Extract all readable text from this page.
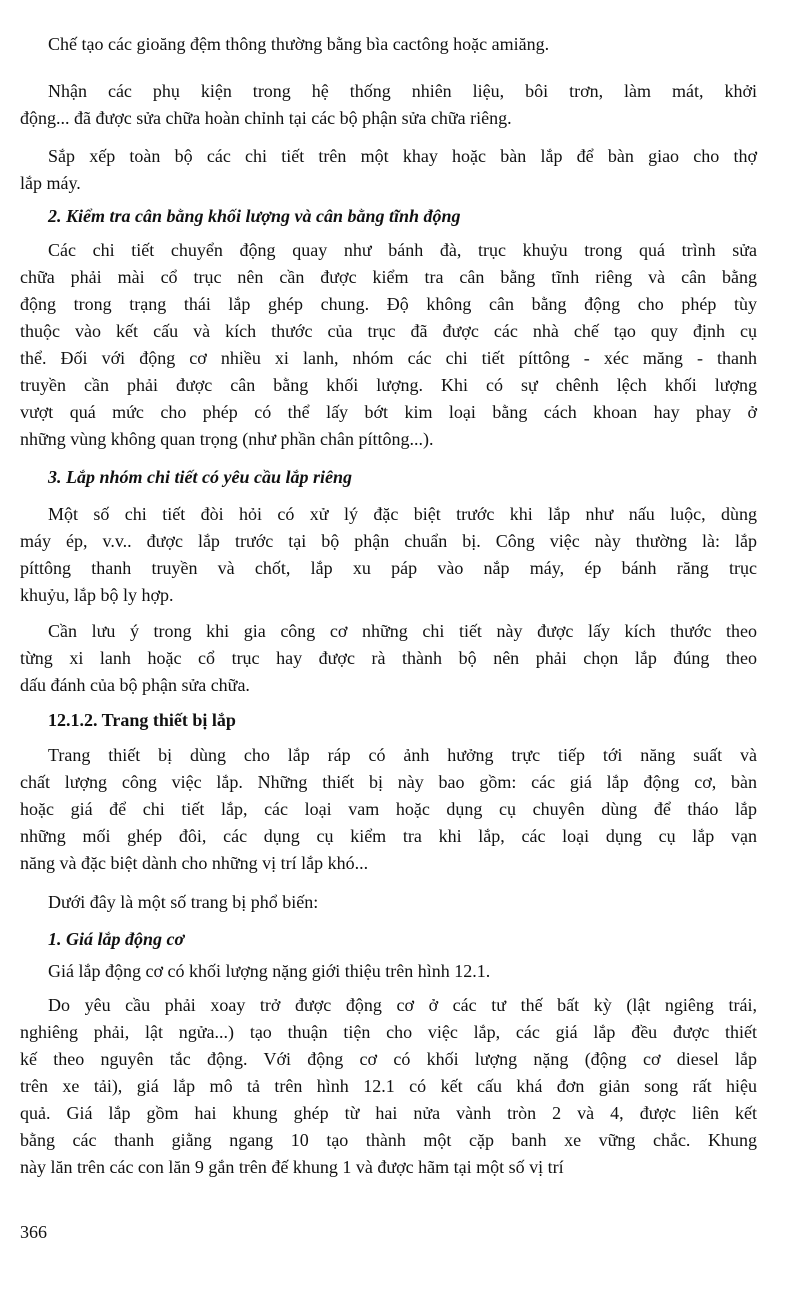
Chế tạo các gioăng đệm thông thường bằng bìa cactông hoặc amiăng.
Nhận các phụ kiện trong hệ thống nhiên liệu, bôi trơn, làm mát, khởi
động... đã được sửa chữa hoàn chỉnh tại các bộ phận sửa chữa riêng.
Sắp xếp toàn bộ các chi tiết trên một khay hoặc bàn lắp để bàn giao cho thợ
lắp máy.
2. Kiểm tra cân bằng khối lượng và cân bằng tĩnh động
Các chi tiết chuyển động quay như bánh đà, trục khuỷu trong quá trình sửa
chữa phải mài cổ trục nên cần được kiểm tra cân bằng tĩnh riêng và cân bằng
động trong trạng thái lắp ghép chung. Độ không cân bằng động cho phép tùy
thuộc vào kết cấu và kích thước của trục đã được các nhà chế tạo quy định cụ
thể. Đối với động cơ nhiều xi lanh, nhóm các chi tiết píttông - xéc măng - thanh
truyền cần phải được cân bằng khối lượng. Khi có sự chênh lệch khối lượng
vượt quá mức cho phép có thể lấy bớt kim loại bằng cách khoan hay phay ở
những vùng không quan trọng (như phần chân píttông...).
3. Lắp nhóm chi tiết có yêu cầu lắp riêng
Một số chi tiết đòi hỏi có xử lý đặc biệt trước khi lắp như nấu luộc, dùng
máy ép, v.v.. được lắp trước tại bộ phận chuẩn bị. Công việc này thường là: lắp
píttông thanh truyền và chốt, lắp xu páp vào nắp máy, ép bánh răng trục
khuỷu, lắp bộ ly hợp.
Cần lưu ý trong khi gia công cơ những chi tiết này được lấy kích thước theo
từng xi lanh hoặc cổ trục hay được rà thành bộ nên phải chọn lắp đúng theo
dấu đánh của bộ phận sửa chữa.
12.1.2. Trang thiết bị lắp
Trang thiết bị dùng cho lắp ráp có ảnh hưởng trực tiếp tới năng suất và
chất lượng công việc lắp. Những thiết bị này bao gồm: các giá lắp động cơ, bàn
hoặc giá để chi tiết lắp, các loại vam hoặc dụng cụ chuyên dùng để tháo lắp
những mối ghép đôi, các dụng cụ kiểm tra khi lắp, các loại dụng cụ lắp vạn
năng và đặc biệt dành cho những vị trí lắp khó...
Dưới đây là một số trang bị phổ biến:
1. Giá lắp động cơ
Giá lắp động cơ có khối lượng nặng giới thiệu trên hình 12.1.
Do yêu cầu phải xoay trở được động cơ ở các tư thế bất kỳ (lật ngiêng trái,
nghiêng phải, lật ngửa...) tạo thuận tiện cho việc lắp, các giá lắp đều được thiết
kế theo nguyên tắc động. Với động cơ có khối lượng nặng (động cơ diesel lắp
trên xe tải), giá lắp mô tả trên hình 12.1 có kết cấu khá đơn giản song rất hiệu
quả. Giá lắp gồm hai khung ghép từ hai nửa vành tròn 2 và 4, được liên kết
bằng các thanh giằng ngang 10 tạo thành một cặp banh xe vững chắc. Khung
này lăn trên các con lăn 9 gắn trên đế khung 1 và được hãm tại một số vị trí
366
